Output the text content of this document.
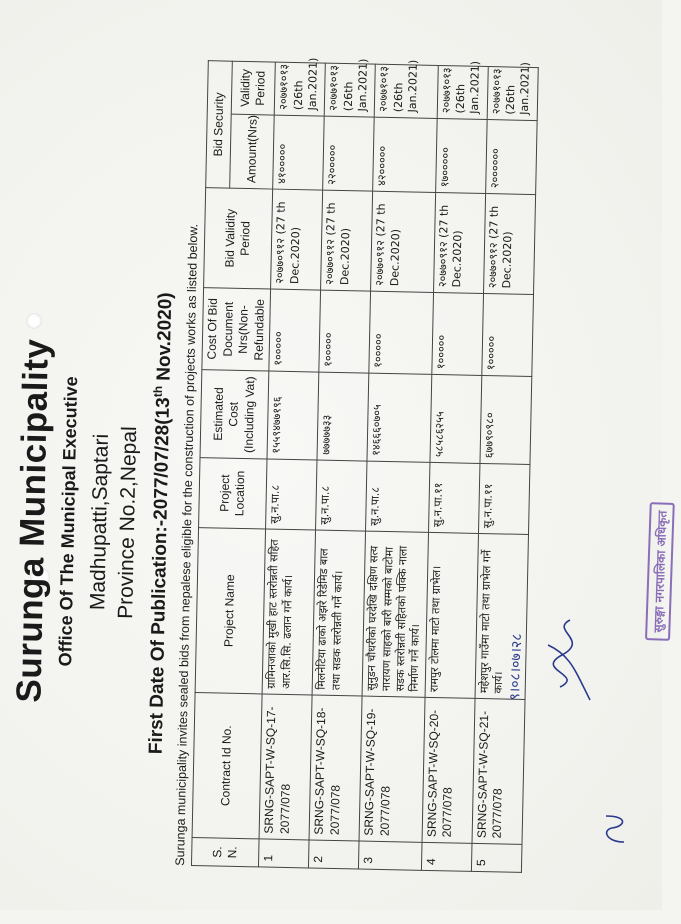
Surunga Municipality Office Of The Municipal Executive Madhupatti,Saptari Province No.2,Nepal First Date Of Publication:-2077/07/28(13th Nov.2020)
Surunga municipality invites sealed bids from nepalese eligible for the construction of projects works as listed below. S. N.	Contract Id No.	Project Name	Project Location	Estimated Cost (Including Vat)	Cost Of Bid Document Nrs(Non-Refundable	Bid Validity Period	Bid Security	
							Amount(Nrs)	Validity Period
1	SRNG-SAPT-W-SQ-17-2077/078	ग्रामिनजाको मुखी हाट स्तरोन्नती सहित आर.सि.सि. ढलान गर्ने कार्य।	सु.न.पा.८	१५५९४७७१९६	१०००००	२०७७०९१२ (27 th Dec.2020)	४१०००००	२०७७१०१३ (26th Jan.2021)
2	SRNG-SAPT-W-SQ-18-2077/078	मिलनेटिया ढाको अझरे रिडेमिड बाल तथा सडक स्तरोन्नती गर्ने कार्य।	सु.न.पा.८	७७७७७३३	१०००००	२०७७०९१२ (27 th Dec.2020)	२२०००००	२०७७१०१३ (26th Jan.2021)
3	SRNG-SAPT-W-SQ-19-2077/078	सुनुडन चौधरीको घरदेखि दक्षिण सत्य नारायण साहको बारी सम्मको बाटोमा सडक स्तरोन्नती सहितको पक्कि नाला निर्माण गर्ने कार्य।	सु.न.पा.८	१४६६६०७०५	१०००००	२०७७०९१२ (27 th Dec.2020)	४२०००००	२०७७१०१३ (26th Jan.2021)
4	SRNG-SAPT-W-SQ-20-2077/078	रामपुर टोलमा माटो तथा ग्राभेल।	सु.न.पा.११	५८५८६२५५	१०००००	२०७७०९१२ (27 th Dec.2020)	१७०००००	२०७७१०१३ (26th Jan.2021)
5	SRNG-SAPT-W-SQ-21-2077/078	महेशपुर गाउँमा माटो तथा ग्राभेल गर्ने कार्य।	सु.न.पा.११	६७७९०९८०	१०००००	२०७७०९१२ (27 th Dec.2020)	२००००००	२०७७१०१३ (26th Jan.2021)
९।०८।०७।२८
सुरुङ्गा नगरपालिका अधिकृत
